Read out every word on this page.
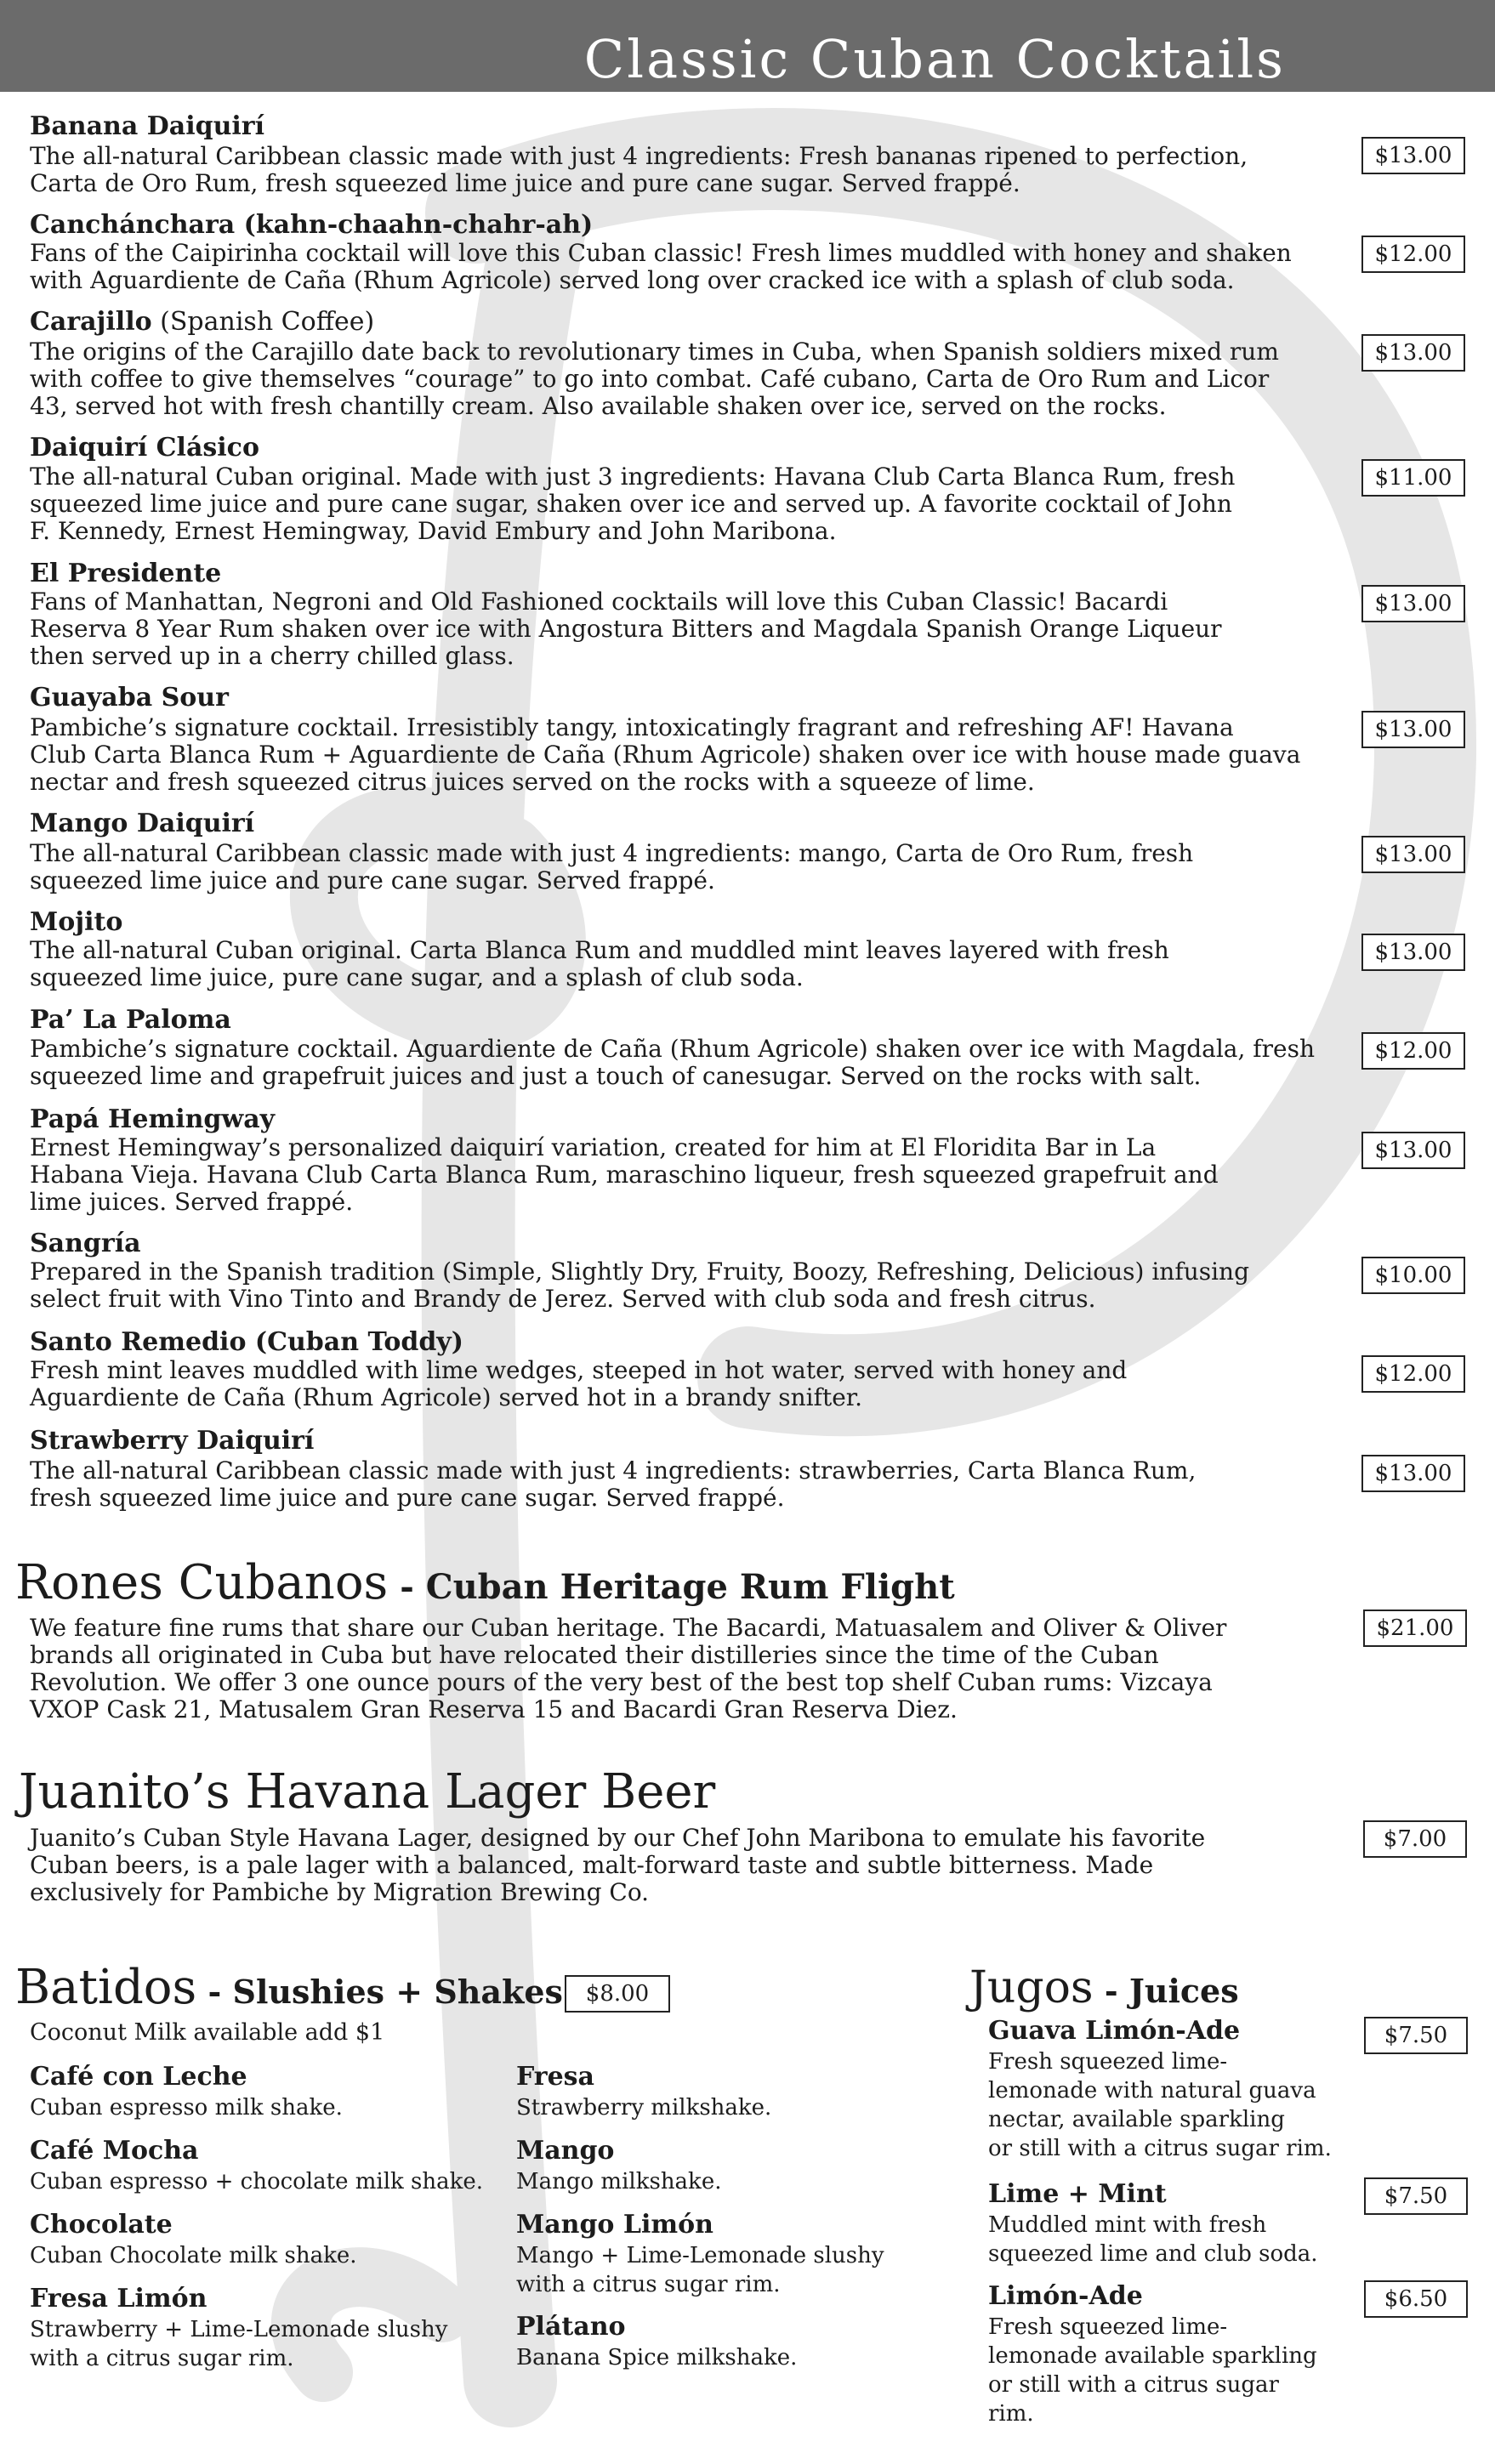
Classic Cuban Cocktails
Banana Daiquirí
The all-natural Caribbean classic made with just 4 ingredients: Fresh bananas ripened to perfection,
Carta de Oro Rum, fresh squeezed lime juice and pure cane sugar. Served frappé.
$13.00
Canchánchara (kahn-chaahn-chahr-ah)
Fans of the Caipirinha cocktail will love this Cuban classic! Fresh limes muddled with honey and shaken
with Aguardiente de Caña (Rhum Agricole) served long over cracked ice with a splash of club soda.
$12.00
Carajillo (Spanish Coffee)
The origins of the Carajillo date back to revolutionary times in Cuba, when Spanish soldiers mixed rum
with coffee to give themselves “courage” to go into combat. Café cubano, Carta de Oro Rum and Licor
43, served hot with fresh chantilly cream. Also available shaken over ice, served on the rocks.
$13.00
Daiquirí Clásico
The all-natural Cuban original. Made with just 3 ingredients: Havana Club Carta Blanca Rum, fresh
squeezed lime juice and pure cane sugar, shaken over ice and served up. A favorite cocktail of John
F. Kennedy, Ernest Hemingway, David Embury and John Maribona.
$11.00
El Presidente
Fans of Manhattan, Negroni and Old Fashioned cocktails will love this Cuban Classic! Bacardi
Reserva 8 Year Rum shaken over ice with Angostura Bitters and Magdala Spanish Orange Liqueur
then served up in a cherry chilled glass.
$13.00
Guayaba Sour
Pambiche’s signature cocktail. Irresistibly tangy, intoxicatingly fragrant and refreshing AF! Havana
Club Carta Blanca Rum + Aguardiente de Caña (Rhum Agricole) shaken over ice with house made guava
nectar and fresh squeezed citrus juices served on the rocks with a squeeze of lime.
$13.00
Mango Daiquirí
The all-natural Caribbean classic made with just 4 ingredients: mango, Carta de Oro Rum, fresh
squeezed lime juice and pure cane sugar. Served frappé.
$13.00
Mojito
The all-natural Cuban original. Carta Blanca Rum and muddled mint leaves layered with fresh
squeezed lime juice, pure cane sugar, and a splash of club soda.
$13.00
Pa’ La Paloma
Pambiche’s signature cocktail. Aguardiente de Caña (Rhum Agricole) shaken over ice with Magdala, fresh
squeezed lime and grapefruit juices and just a touch of canesugar. Served on the rocks with salt.
$12.00
Papá Hemingway
Ernest Hemingway’s personalized daiquirí variation, created for him at El Floridita Bar in La
Habana Vieja. Havana Club Carta Blanca Rum, maraschino liqueur, fresh squeezed grapefruit and
lime juices. Served frappé.
$13.00
Sangría
Prepared in the Spanish tradition (Simple, Slightly Dry, Fruity, Boozy, Refreshing, Delicious) infusing
select fruit with Vino Tinto and Brandy de Jerez. Served with club soda and fresh citrus.
$10.00
Santo Remedio (Cuban Toddy)
Fresh mint leaves muddled with lime wedges, steeped in hot water, served with honey and
Aguardiente de Caña (Rhum Agricole) served hot in a brandy snifter.
$12.00
Strawberry Daiquirí
The all-natural Caribbean classic made with just 4 ingredients: strawberries, Carta Blanca Rum,
fresh squeezed lime juice and pure cane sugar. Served frappé.
$13.00
Rones Cubanos - Cuban Heritage Rum Flight
We feature fine rums that share our Cuban heritage. The Bacardi, Matuasalem and Oliver & Oliver
brands all originated in Cuba but have relocated their distilleries since the time of the Cuban
Revolution. We offer 3 one ounce pours of the very best of the best top shelf Cuban rums: Vizcaya
VXOP Cask 21, Matusalem Gran Reserva 15 and Bacardi Gran Reserva Diez.
$21.00
Juanito’s Havana Lager Beer
Juanito’s Cuban Style Havana Lager, designed by our Chef John Maribona to emulate his favorite
Cuban beers, is a pale lager with a balanced, malt-forward taste and subtle bitterness. Made
exclusively for Pambiche by Migration Brewing Co.
$7.00
Batidos - Slushies + Shakes	$8.00
Coconut Milk available add $1
Café con Leche
Cuban espresso milk shake.
Café Mocha
Cuban espresso + chocolate milk shake.
Chocolate
Cuban Chocolate milk shake.
Fresa Limón
Strawberry + Lime-Lemonade slushy
with a citrus sugar rim.
Fresa
Strawberry milkshake.
Mango
Mango milkshake.
Mango Limón
Mango + Lime-Lemonade slushy
with a citrus sugar rim.
Plátano
Banana Spice milkshake.
Jugos - Juices
Guava Limón-Ade
Fresh squeezed lime-
lemonade with natural guava
nectar, available sparkling
or still with a citrus sugar rim.
$7.50
Lime + Mint
Muddled mint with fresh
squeezed lime and club soda.
$7.50
Limón-Ade
Fresh squeezed lime-
lemonade available sparkling
or still with a citrus sugar
rim.
$6.50
